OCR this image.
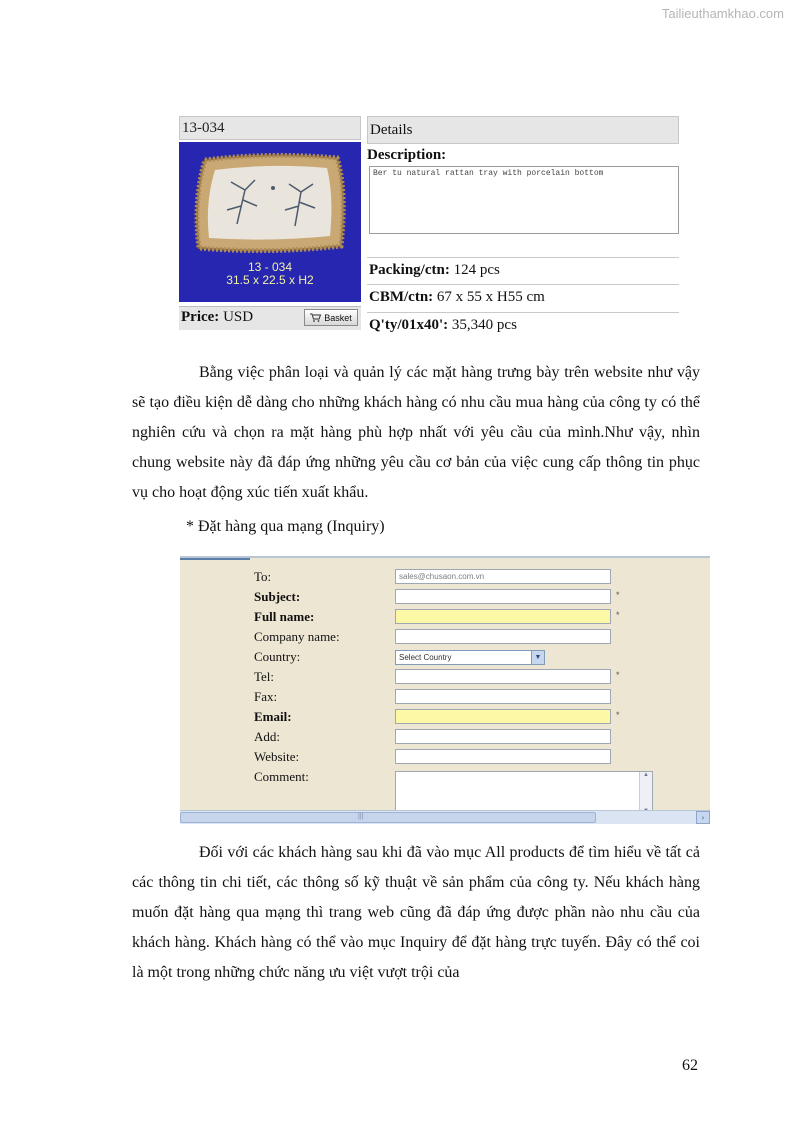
Tailieuthamkhao.com
13-034
13 - 034
31.5 x 22.5 x H2
Price: USD	Basket
Details
Description:
Ber tu natural rattan tray with porcelain bottom
Packing/ctn: 124 pcs
CBM/ctn: 67 x 55 x H55 cm
Q'ty/01x40': 35,340 pcs
Bằng việc phân loại và quản lý các mặt hàng trưng bày trên website như vậy sẽ tạo điều kiện dễ dàng cho những khách hàng có nhu cầu mua hàng của công ty có thể nghiên cứu và chọn ra mặt hàng phù hợp nhất với yêu cầu của mình.Như vậy, nhìn chung website này đã đáp ứng những yêu cầu cơ bản của việc cung cấp thông tin phục vụ cho hoạt động xúc tiến xuất khẩu.
* Đặt hàng qua mạng (Inquiry)
To:	sales@chusaon.com.vn
Subject:	*
Full name:	*
Company name:
Country:	Select Country	▼
Tel:	*
Fax:
Email:	*
Add:
Website:
Comment:
▲ ▼
|||	›
Đối với các khách hàng sau khi đã vào mục All products để tìm hiểu về tất cả các thông tin chi tiết, các thông số kỹ thuật về sản phẩm của công ty. Nếu khách hàng muốn đặt hàng qua mạng thì trang web cũng đã đáp ứng được phần nào nhu cầu của khách hàng. Khách hàng có thể vào mục Inquiry để đặt hàng trực tuyến. Đây có thể coi là một trong những chức năng ưu việt vượt trội của
62
